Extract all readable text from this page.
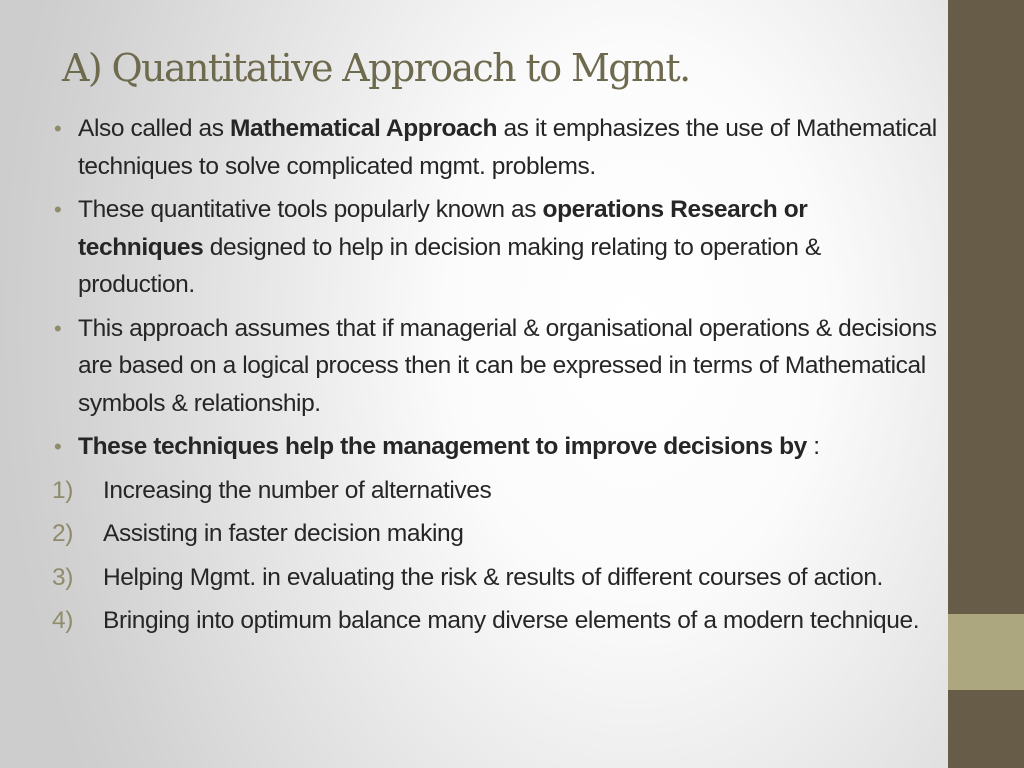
A) Quantitative Approach to Mgmt.
• Also called as Mathematical Approach as it emphasizes the use of Mathematical techniques to solve complicated mgmt. problems.
• These quantitative tools popularly known as operations Research or techniques designed to help in decision making relating to operation & production.
• This approach assumes that if managerial & organisational operations & decisions are based on a logical process then it can be expressed in terms of Mathematical symbols & relationship.
• These techniques help the management to improve decisions by :
1) Increasing the number of alternatives
2) Assisting in faster decision making
3) Helping Mgmt. in evaluating the risk & results of different courses of action.
4) Bringing into optimum balance many diverse elements of a modern technique.
